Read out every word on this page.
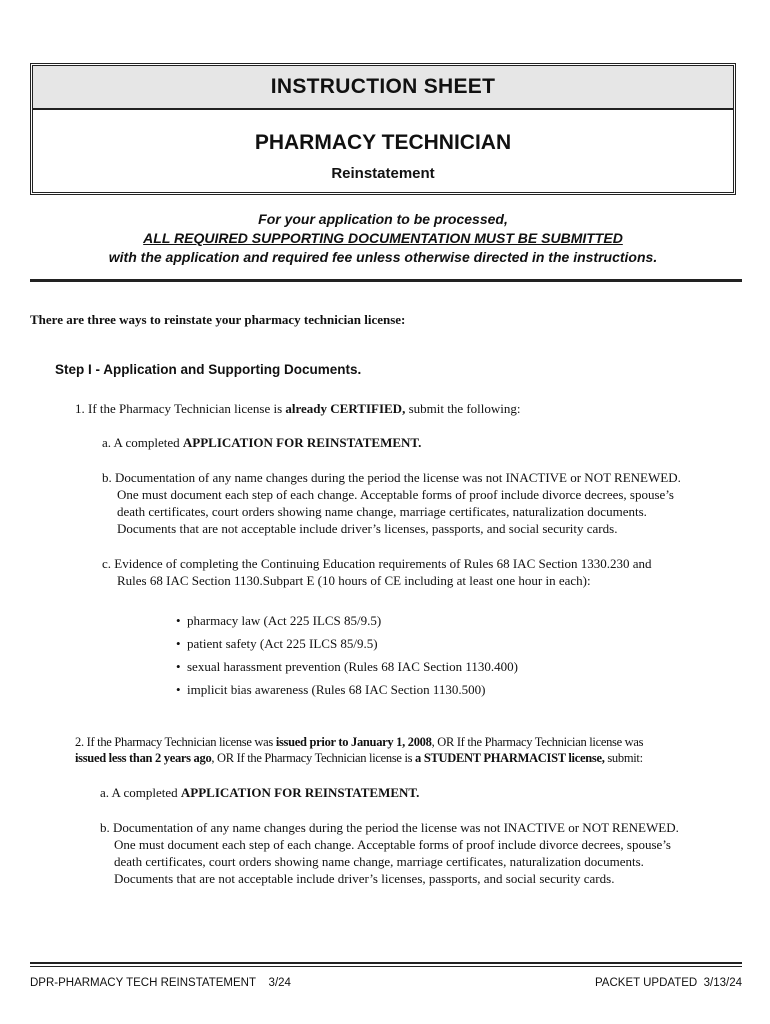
INSTRUCTION SHEET
PHARMACY TECHNICIAN
Reinstatement
For your application to be processed,
ALL REQUIRED SUPPORTING DOCUMENTATION MUST BE SUBMITTED
with the application and required fee unless otherwise directed in the instructions.
There are three ways to reinstate your pharmacy technician license:
Step I - Application and Supporting Documents.
1. If the Pharmacy Technician license is already CERTIFIED, submit the following:
a. A completed APPLICATION FOR REINSTATEMENT.
b. Documentation of any name changes during the period the license was not INACTIVE or NOT RENEWED.
One must document each step of each change. Acceptable forms of proof include divorce decrees, spouse’s
death certificates, court orders showing name change, marriage certificates, naturalization documents.
Documents that are not acceptable include driver’s licenses, passports, and social security cards.
c. Evidence of completing the Continuing Education requirements of Rules 68 IAC Section 1330.230 and
Rules 68 IAC Section 1130.Subpart E (10 hours of CE including at least one hour in each):
• pharmacy law (Act 225 ILCS 85/9.5)
• patient safety (Act 225 ILCS 85/9.5)
• sexual harassment prevention (Rules 68 IAC Section 1130.400)
• implicit bias awareness (Rules 68 IAC Section 1130.500)
2. If the Pharmacy Technician license was issued prior to January 1, 2008, OR If the Pharmacy Technician license was
issued less than 2 years ago, OR If the Pharmacy Technician license is a STUDENT PHARMACIST license, submit:
a. A completed APPLICATION FOR REINSTATEMENT.
b. Documentation of any name changes during the period the license was not INACTIVE or NOT RENEWED.
One must document each step of each change. Acceptable forms of proof include divorce decrees, spouse’s
death certificates, court orders showing name change, marriage certificates, naturalization documents.
Documents that are not acceptable include driver’s licenses, passports, and social security cards.
DPR-PHARMACY TECH REINSTATEMENT    3/24	PACKET UPDATED  3/13/24
